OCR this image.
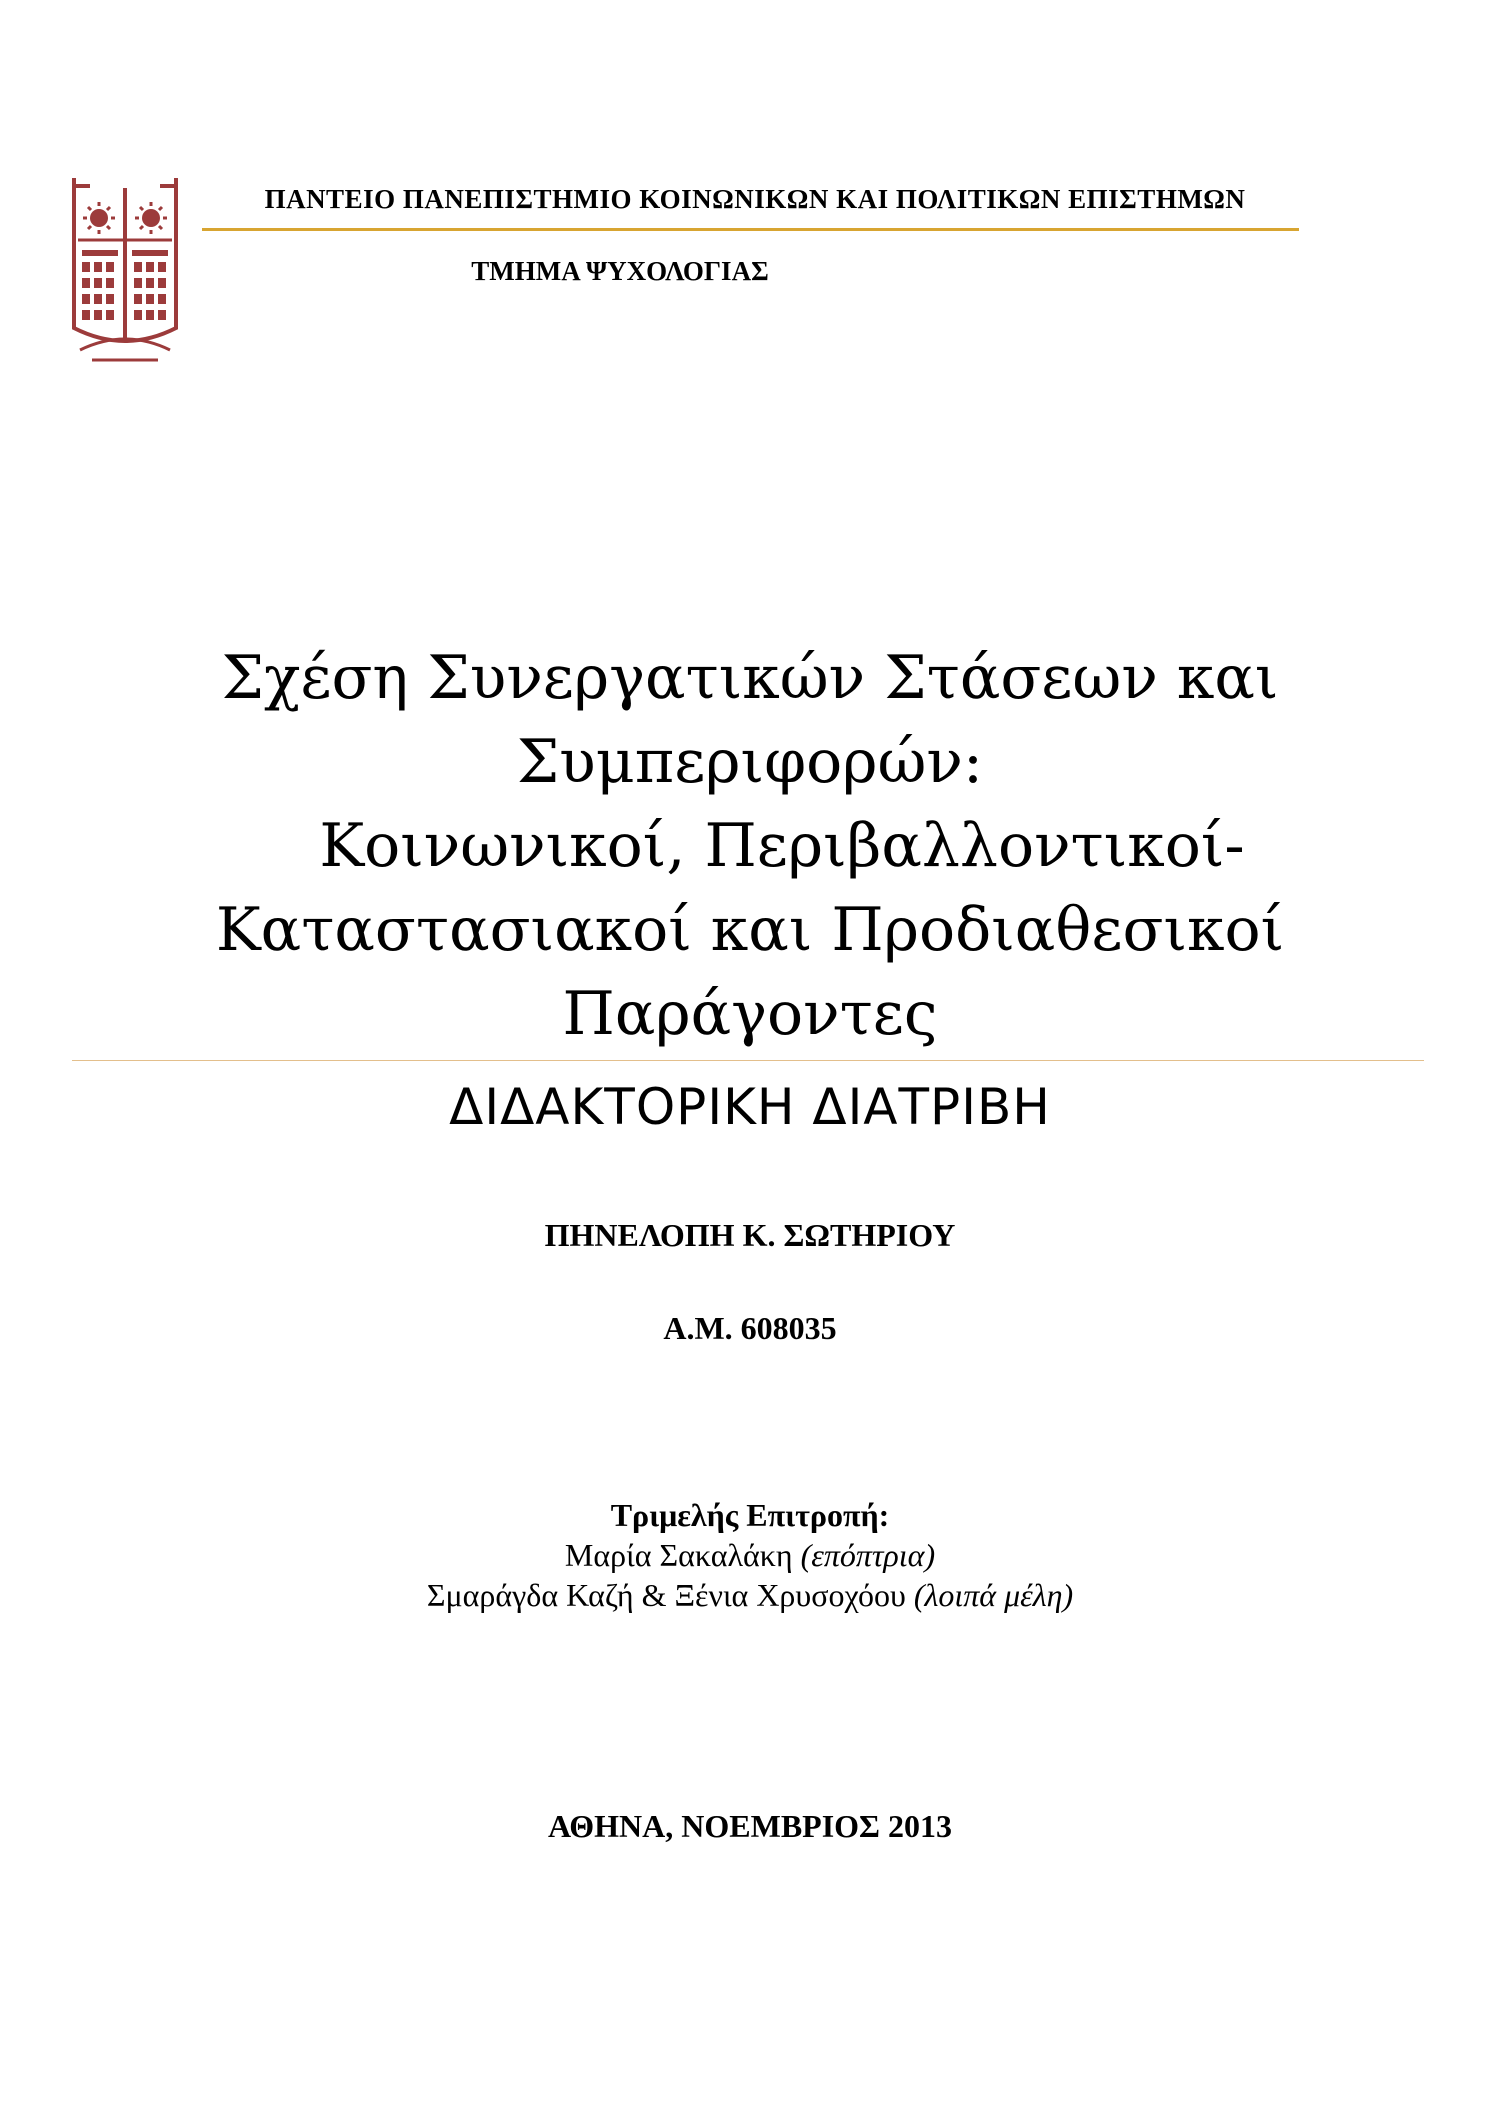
ΠΑΝΤΕΙΟ ΠΑΝΕΠΙΣΤΗΜΙΟ ΚΟΙΝΩΝΙΚΩΝ ΚΑΙ ΠΟΛΙΤΙΚΩΝ ΕΠΙΣΤΗΜΩΝ

ΤΜΗΜΑ ΨΥΧΟΛΟΓΙΑΣ

Σχέση Συνεργατικών Στάσεων και
Συμπεριφορών:
Κοινωνικοί, Περιβαλλοντικοί-
Καταστασιακοί και Προδιαθεσικοί
Παράγοντες
ΔΙΔΑΚΤΟΡΙΚΗ ΔΙΑΤΡΙΒΗ

ΠΗΝΕΛΟΠΗ Κ. ΣΩΤΗΡΙΟΥ

Α.Μ. 608035

Τριμελής Επιτροπή:
Μαρία Σακαλάκη (επόπτρια)
Σμαράγδα Καζή & Ξένια Χρυσοχόου (λοιπά μέλη)

ΑΘΗΝΑ, ΝΟΕΜΒΡΙΟΣ 2013
